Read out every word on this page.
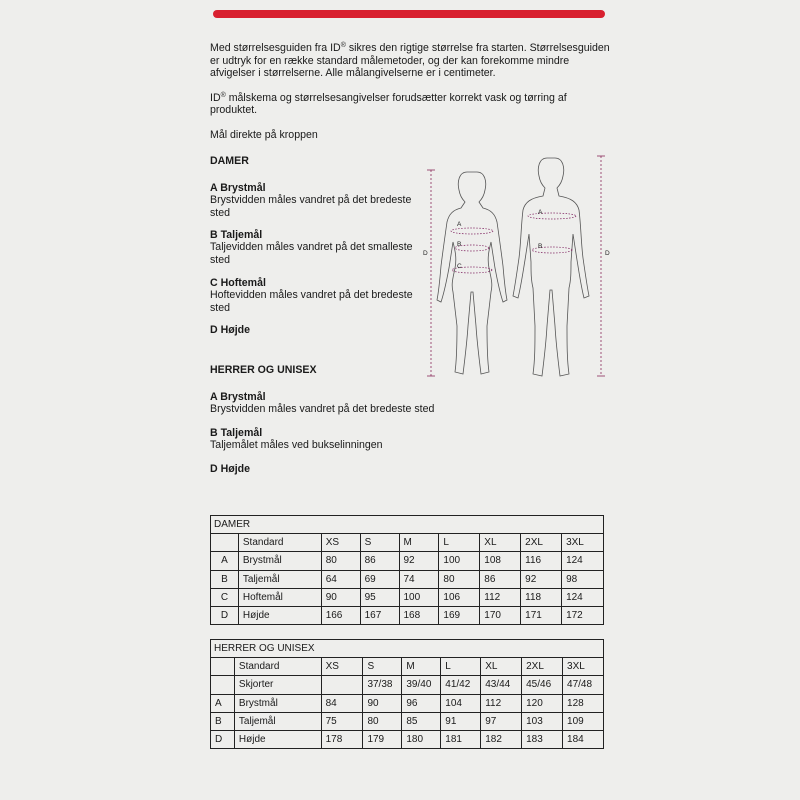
Med størrelsesguiden fra ID® sikres den rigtige størrelse fra starten. Størrelsesguiden er udtryk for en række standard målemetoder, og der kan forekomme mindre afvigelser i størrelserne. Alle målangivelserne er i centimeter.

ID® målskema og størrelsesangivelser forudsætter korrekt vask og tørring af produktet.

Mål direkte på kroppen

DAMER
A Brystmål
Brystvidden måles vandret på det bredeste sted
B Taljemål
Taljevidden måles vandret på det smalleste sted
C Hoftemål
Hoftevidden måles vandret på det bredeste sted
D Højde
HERRER OG UNISEX
A Brystmål
Brystvidden måles vandret på det bredeste sted
B Taljemål
Taljemålet måles ved bukselinningen
D Højde
A
B
C
A
B
D	D
DAMER								
	Standard	XS	S	M	L	XL	2XL	3XL
A	Brystmål	80	86	92	100	108	116	124
B	Taljemål	64	69	74	80	86	92	98
C	Hoftemål	90	95	100	106	112	118	124
D	Højde	166	167	168	169	170	171	172
HERRER OG UNISEX								
	Standard	XS	S	M	L	XL	2XL	3XL
	Skjorter		37/38	39/40	41/42	43/44	45/46	47/48
A	Brystmål	84	90	96	104	112	120	128
B	Taljemål	75	80	85	91	97	103	109
D	Højde	178	179	180	181	182	183	184
